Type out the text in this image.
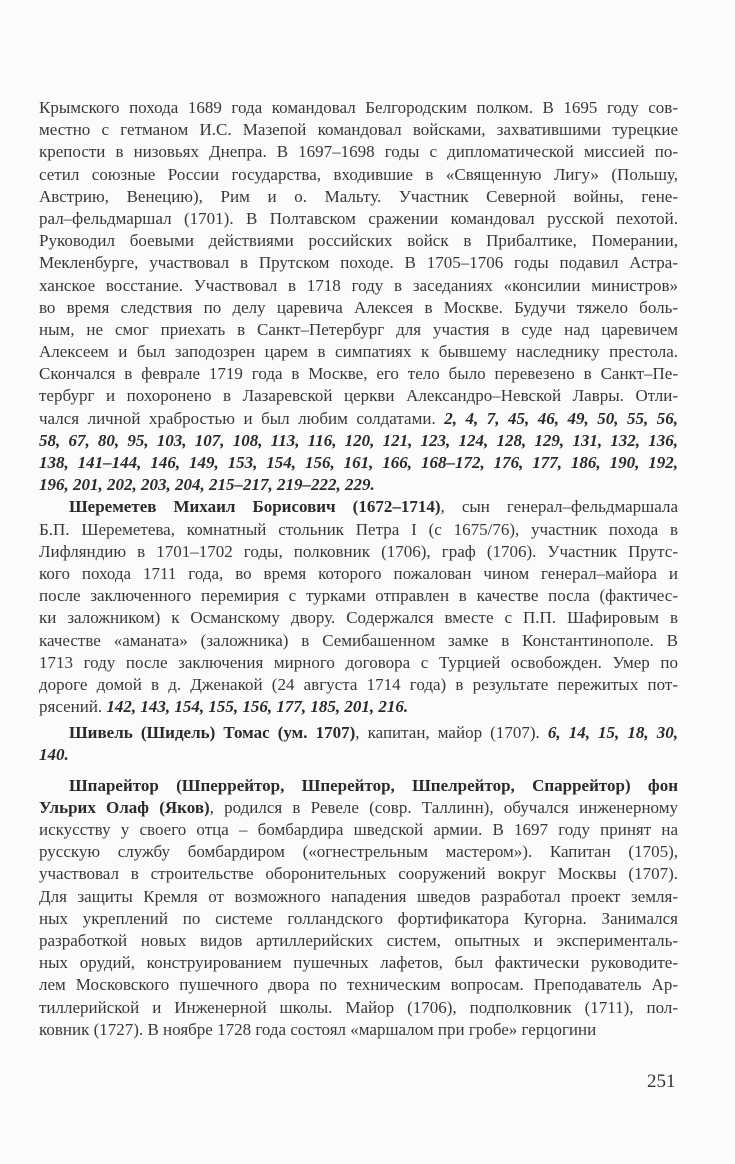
Крымского похода 1689 года командовал Белгородским полком. В 1695 году сов-
местно с гетманом И.С. Мазепой командовал войсками, захватившими турецкие
крепости в низовьях Днепра. В 1697–1698 годы с дипломатической миссией по-
сетил союзные России государства, входившие в «Священную Лигу» (Польшу,
Австрию, Венецию), Рим и о. Мальту. Участник Северной войны, гене-
рал–фельдмаршал (1701). В Полтавском сражении командовал русской пехотой.
Руководил боевыми действиями российских войск в Прибалтике, Померании,
Мекленбурге, участвовал в Прутском походе. В 1705–1706 годы подавил Астра-
ханское восстание. Участвовал в 1718 году в заседаниях «консилии министров»
во время следствия по делу царевича Алексея в Москве. Будучи тяжело боль-
ным, не смог приехать в Санкт–Петербург для участия в суде над царевичем
Алексеем и был заподозрен царем в симпатиях к бывшему наследнику престола.
Скончался в феврале 1719 года в Москве, его тело было перевезено в Санкт–Пе-
тербург и похоронено в Лазаревской церкви Александро–Невской Лавры. Отли-
чался личной храбростью и был любим солдатами. 2, 4, 7, 45, 46, 49, 50, 55, 56,
58, 67, 80, 95, 103, 107, 108, 113, 116, 120, 121, 123, 124, 128, 129, 131, 132, 136,
138, 141–144, 146, 149, 153, 154, 156, 161, 166, 168–172, 176, 177, 186, 190, 192,
196, 201, 202, 203, 204, 215–217, 219–222, 229.
Шереметев Михаил Борисович (1672–1714), сын генерал–фельдмаршала
Б.П. Шереметева, комнатный стольник Петра I (с 1675/76), участник похода в
Лифляндию в 1701–1702 годы, полковник (1706), граф (1706). Участник Прутс-
кого похода 1711 года, во время которого пожалован чином генерал–майора и
после заключенного перемирия с турками отправлен в качестве посла (фактичес-
ки заложником) к Османскому двору. Содержался вместе с П.П. Шафировым в
качестве «аманата» (заложника) в Семибашенном замке в Константинополе. В
1713 году после заключения мирного договора с Турцией освобожден. Умер по
дороге домой в д. Дженакой (24 августа 1714 года) в результате пережитых пот-
рясений. 142, 143, 154, 155, 156, 177, 185, 201, 216.
Шивель (Шидель) Томас (ум. 1707), капитан, майор (1707). 6, 14, 15, 18, 30,
140.
Шпарейтор (Шперрейтор, Шперейтор, Шпелрейтор, Спаррейтор) фон
Ульрих Олаф (Яков), родился в Ревеле (совр. Таллинн), обучался инженерному
искусству у своего отца – бомбардира шведской армии. В 1697 году принят на
русскую службу бомбардиром («огнестрельным мастером»). Капитан (1705),
участвовал в строительстве оборонительных сооружений вокруг Москвы (1707).
Для защиты Кремля от возможного нападения шведов разработал проект земля-
ных укреплений по системе голландского фортификатора Кугорна. Занимался
разработкой новых видов артиллерийских систем, опытных и эксперименталь-
ных орудий, конструированием пушечных лафетов, был фактически руководите-
лем Московского пушечного двора по техническим вопросам. Преподаватель Ар-
тиллерийской и Инженерной школы. Майор (1706), подполковник (1711), пол-
ковник (1727). В ноябре 1728 года состоял «маршалом при гробе» герцогини
251
